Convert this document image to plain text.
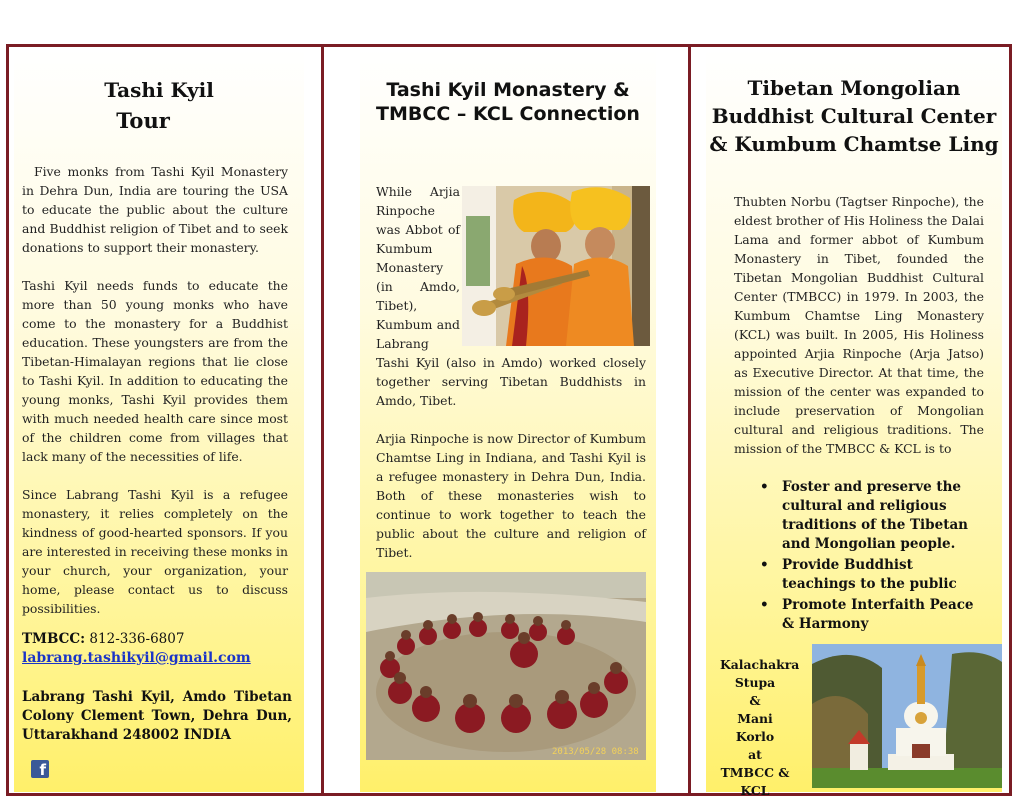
Tashi Kyil
Tour

Five monks from Tashi Kyil Monastery in Dehra Dun, India are touring the USA to educate the public about the culture and Buddhist religion of Tibet and to seek donations to support their monastery.

Tashi Kyil needs funds to educate the more than 50 young monks who have come to the monastery for a Buddhist education. These youngsters are from the Tibetan-Himalayan regions that lie close to Tashi Kyil. In addition to educating the young monks, Tashi Kyil provides them with much needed health care since most of the children come from villages that lack many of the necessities of life.

Since Labrang Tashi Kyil is a refugee monastery, it relies completely on the kindness of good-hearted sponsors. If you are interested in receiving these monks in your church, your organization, your home, please contact us to discuss possibilities.

TMBCC: 812-336-6807
labrang.tashikyil@gmail.com
Labrang Tashi Kyil, Amdo Tibetan Colony Clement Town, Dehra Dun, Uttarakhand 248002 INDIA
f
Tashi Kyil Monastery & TMBCC – KCL Connection
While Arjia Rinpoche was Abbot of Kumbum Monastery (in Amdo, Tibet), Kumbum and Labrang

Tashi Kyil (also in Amdo) worked closely together serving Tibetan Buddhists in Amdo, Tibet.

Arjia Rinpoche is now Director of Kumbum Chamtse Ling in Indiana, and Tashi Kyil is a refugee monastery in Dehra Dun, India. Both of these monasteries wish to continue to work together to teach the public about the culture and religion of Tibet.

2013/05/28 08:38
Tibetan Mongolian Buddhist Cultural Center & Kumbum Chamtse Ling
Thubten Norbu (Tagtser Rinpoche), the eldest brother of His Holiness the Dalai Lama and former abbot of Kumbum Monastery in Tibet, founded the Tibetan Mongolian Buddhist Cultural Center (TMBCC) in 1979. In 2003, the Kumbum Chamtse Ling Monastery (KCL) was built. In 2005, His Holiness appointed Arjia Rinpoche (Arja Jatso) as Executive Director. At that time, the mission of the center was expanded to include preservation of Mongolian cultural and religious traditions. The mission of the TMBCC & KCL is to
• Foster and preserve the cultural and religious traditions of the Tibetan and Mongolian people.
• Provide Buddhist teachings to the public
• Promote Interfaith Peace & Harmony
Kalachakra
Stupa
&
Mani Korlo
at
TMBCC &
KCL
